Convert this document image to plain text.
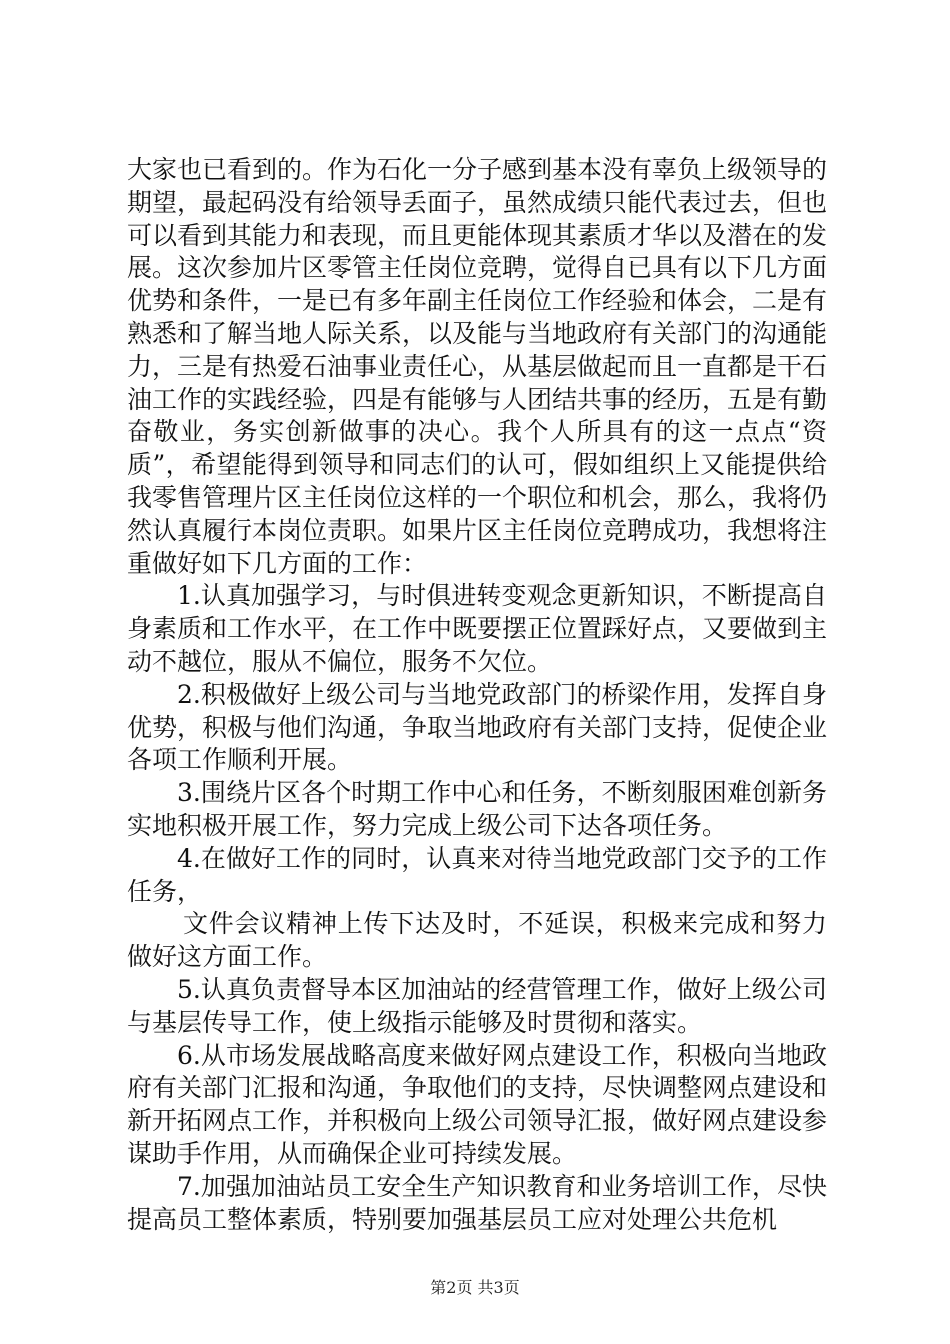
大家也已看到的。作为石化一分子感到基本没有辜负上级领导的期望，最起码没有给领导丢面子，虽然成绩只能代表过去，但也可以看到其能力和表现，而且更能体现其素质才华以及潜在的发展。这次参加片区零管主任岗位竞聘，觉得自已具有以下几方面优势和条件，一是已有多年副主任岗位工作经验和体会，二是有熟悉和了解当地人际关系，以及能与当地政府有关部门的沟通能力，三是有热爱石油事业责任心，从基层做起而且一直都是干石油工作的实践经验，四是有能够与人团结共事的经历，五是有勤奋敬业，务实创新做事的决心。我个人所具有的这一点点“资质”，希望能得到领导和同志们的认可，假如组织上又能提供给我零售管理片区主任岗位这样的一个职位和机会，那么，我将仍然认真履行本岗位责职。如果片区主任岗位竞聘成功，我想将注重做好如下几方面的工作：

1.认真加强学习，与时俱进转变观念更新知识，不断提高自身素质和工作水平，在工作中既要摆正位置踩好点，又要做到主动不越位，服从不偏位，服务不欠位。

2.积极做好上级公司与当地党政部门的桥梁作用，发挥自身优势，积极与他们沟通，争取当地政府有关部门支持，促使企业各项工作顺利开展。

3.围绕片区各个时期工作中心和任务，不断刻服困难创新务实地积极开展工作，努力完成上级公司下达各项任务。

4.在做好工作的同时，认真来对待当地党政部门交予的工作任务，

文件会议精神上传下达及时，不延误，积极来完成和努力做好这方面工作。

5.认真负责督导本区加油站的经营管理工作，做好上级公司与基层传导工作，使上级指示能够及时贯彻和落实。

6.从市场发展战略高度来做好网点建设工作，积极向当地政府有关部门汇报和沟通，争取他们的支持，尽快调整网点建设和新开拓网点工作，并积极向上级公司领导汇报，做好网点建设参谋助手作用，从而确保企业可持续发展。

7.加强加油站员工安全生产知识教育和业务培训工作，尽快提高员工整体素质，特别要加强基层员工应对处理公共危机

第2页 共3页
